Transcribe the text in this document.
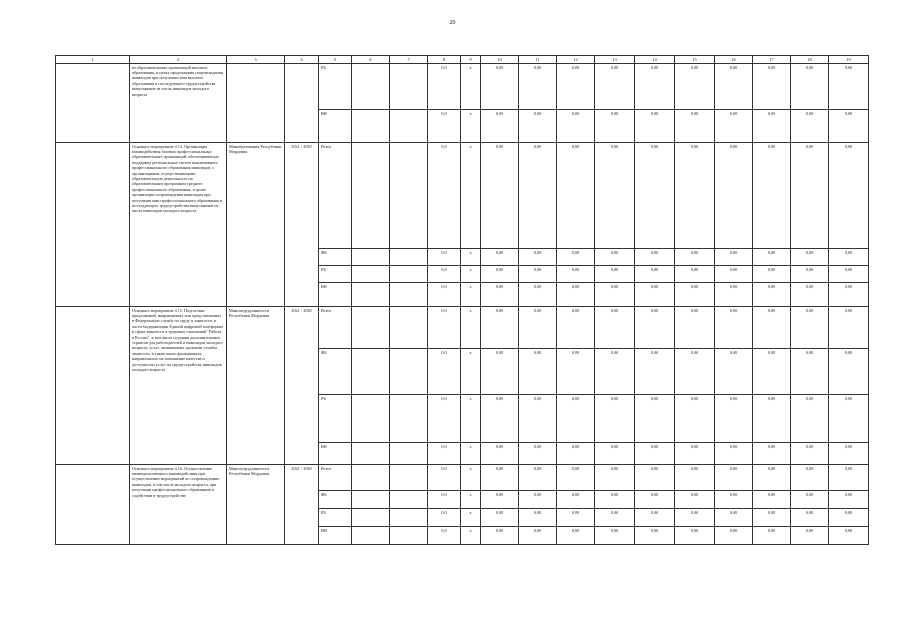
20
1	2	3	4	5	6	7	8	9	10	11	12	13	14	15	16	17	18	19

	из образовательных организаций высшего образования, в целях продолжения сопровождения инвалидов при получении ими высшего образования и последующего трудоустройства выпускников из числа инвалидов молодого возраста			РБ			0,0	х	0,00	0,00	0,00	0,00	0,00	0,00	0,00	0,00	0,00	0,00
				ВН			0,0	х	0,00	0,00	0,00	0,00	0,00	0,00	0,00	0,00	0,00	0,00

	Основное мероприятие 4.14. Организация взаимодействия базовых профессиональных образовательных организаций, обеспечивающих поддержку региональных систем инклюзивного профессионального образования инвалидов, с организациями, осуществляющими образовательную деятельность по образовательным программам среднего профессионального образования, в целях организации сопровождения инвалидов при получении ими профессионального образования и последующего трудоустройства выпускников из числа инвалидов молодого возраста	Минобразования Республики Мордовия	2021 - 2030	Всего			0,0	х	0,00	0,00	0,00	0,00	0,00	0,00	0,00	0,00	0,00	0,00
				ФБ			0,0	х	0,00	0,00	0,00	0,00	0,00	0,00	0,00	0,00	0,00	0,00
				РБ			0,0	х	0,00	0,00	0,00	0,00	0,00	0,00	0,00	0,00	0,00	0,00
				ВН			0,0	х	0,00	0,00	0,00	0,00	0,00	0,00	0,00	0,00	0,00	0,00

	Основное мероприятие 4.15. Подготовка предложений, направляемых или представляемых в Федеральную службу по труду и занятости, в части модернизации Единой цифровой платформы в сфере занятости и трудовых отношений "Работа в России", в том числе создания дополнительных сервисов для работодателей и инвалидов молодого возраста, услуг, оказываемых органами службы занятости, в также иного функционала, направленного на повышение качества и доступности услуг по трудоустройству инвалидов молодого возраста	Минсоцтрудзанятости Республики Мордовия	2021 - 2030	Всего			0,0	х	0,00	0,00	0,00	0,00	0,00	0,00	0,00	0,00	0,00	0,00
				ФБ			0,0	х	0,00	0,00	0,00	0,00	0,00	0,00	0,00	0,00	0,00	0,00
				РБ			0,0	х	0,00	0,00	0,00	0,00	0,00	0,00	0,00	0,00	0,00	0,00
				ВН			0,0	х	0,00	0,00	0,00	0,00	0,00	0,00	0,00	0,00	0,00	0,00

	Основное мероприятие 4.16. Осуществление межведомственного взаимодействия при осуществлении мероприятий по сопровождению инвалидов, в том числе молодого возраста, при получении профессионального образования и содействии в трудоустройстве	Минсоцтрудзанятости Республики Мордовия	2021 - 2030	Всего			0,0	х	0,00	0,00	0,00	0,00	0,00	0,00	0,00	0,00	0,00	0,00
				ФБ			0,0	х	0,00	0,00	0,00	0,00	0,00	0,00	0,00	0,00	0,00	0,00
				РБ			0,0	х	0,00	0,00	0,00	0,00	0,00	0,00	0,00	0,00	0,00	0,00
				ВН			0,0	х	0,00	0,00	0,00	0,00	0,00	0,00	0,00	0,00	0,00	0,00
